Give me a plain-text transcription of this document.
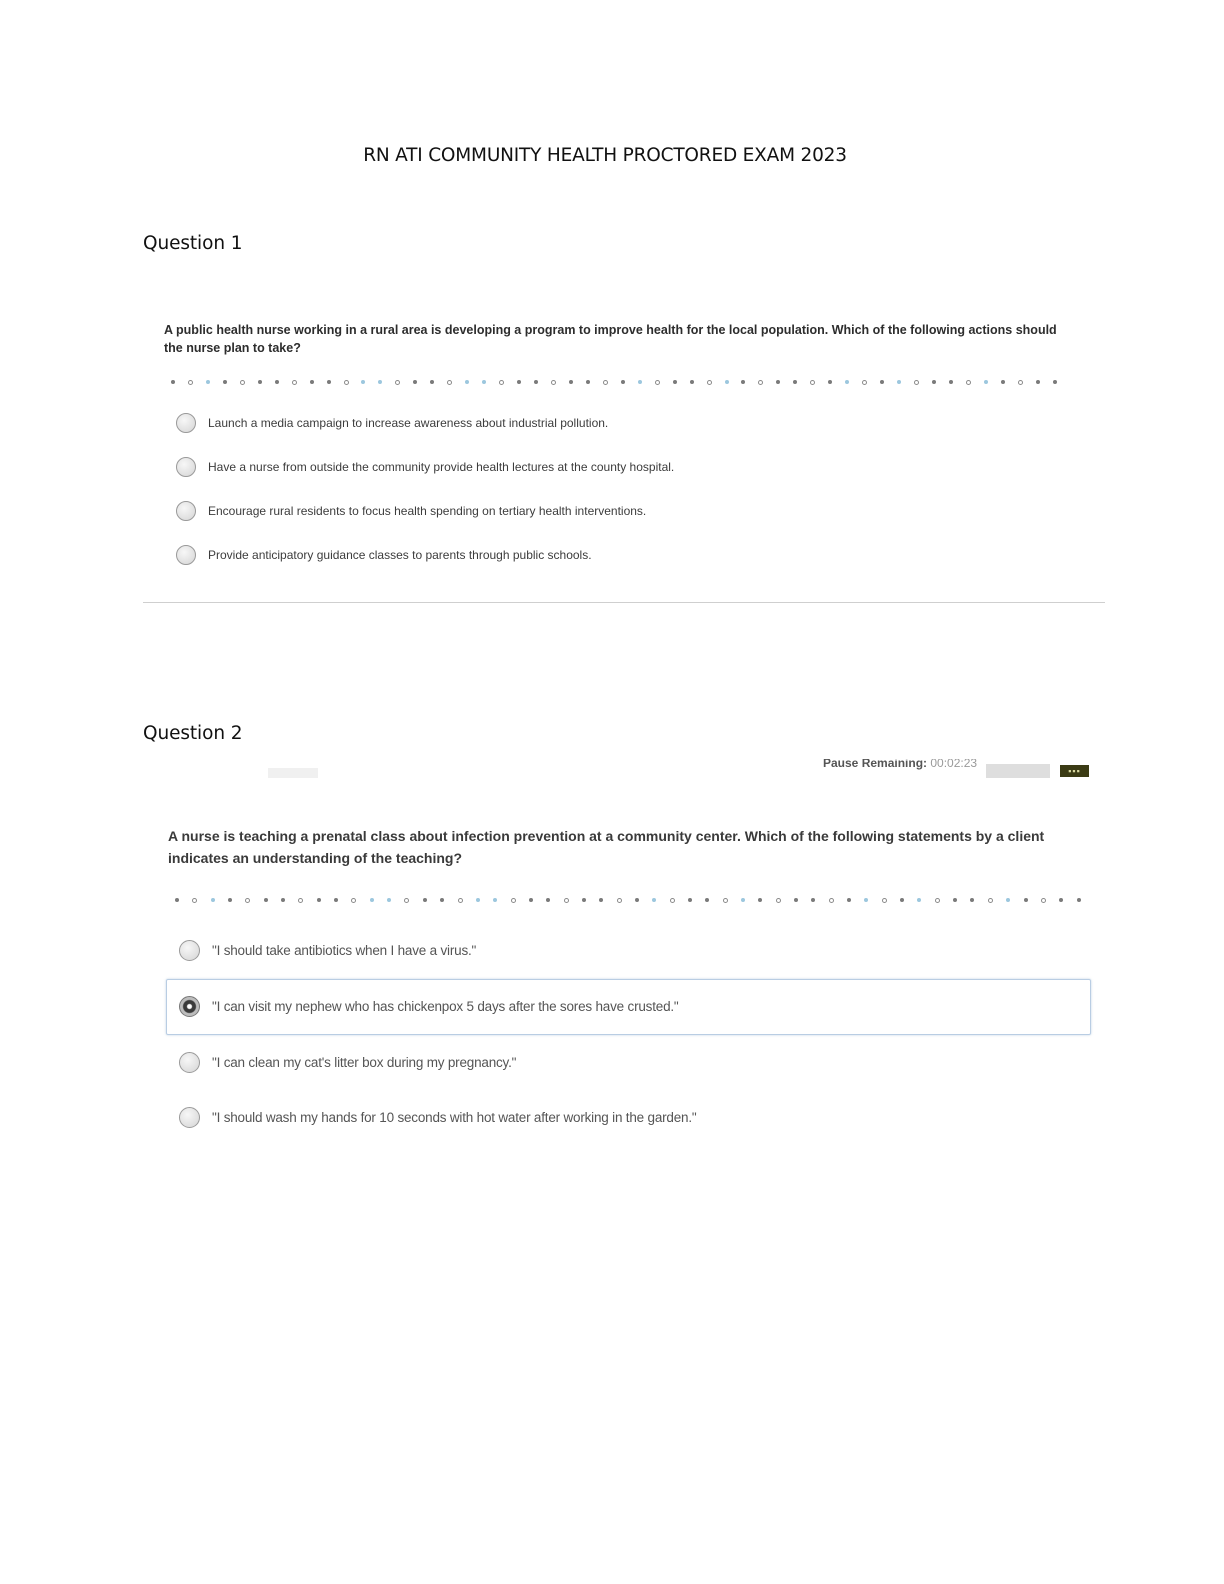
RN ATI COMMUNITY HEALTH PROCTORED EXAM 2023
Question 1
A public health nurse working in a rural area is developing a program to improve health for the local population. Which of the following actions should the nurse plan to take?
Launch a media campaign to increase awareness about industrial pollution.
Have a nurse from outside the community provide health lectures at the county hospital.
Encourage rural residents to focus health spending on tertiary health interventions.
Provide anticipatory guidance classes to parents through public schools.
Question 2
Pause Remaining: 00:02:23
▪▪▪
A nurse is teaching a prenatal class about infection prevention at a community center. Which of the following statements by a client indicates an understanding of the teaching?
"I should take antibiotics when I have a virus."
"I can visit my nephew who has chickenpox 5 days after the sores have crusted."
"I can clean my cat's litter box during my pregnancy."
"I should wash my hands for 10 seconds with hot water after working in the garden."
